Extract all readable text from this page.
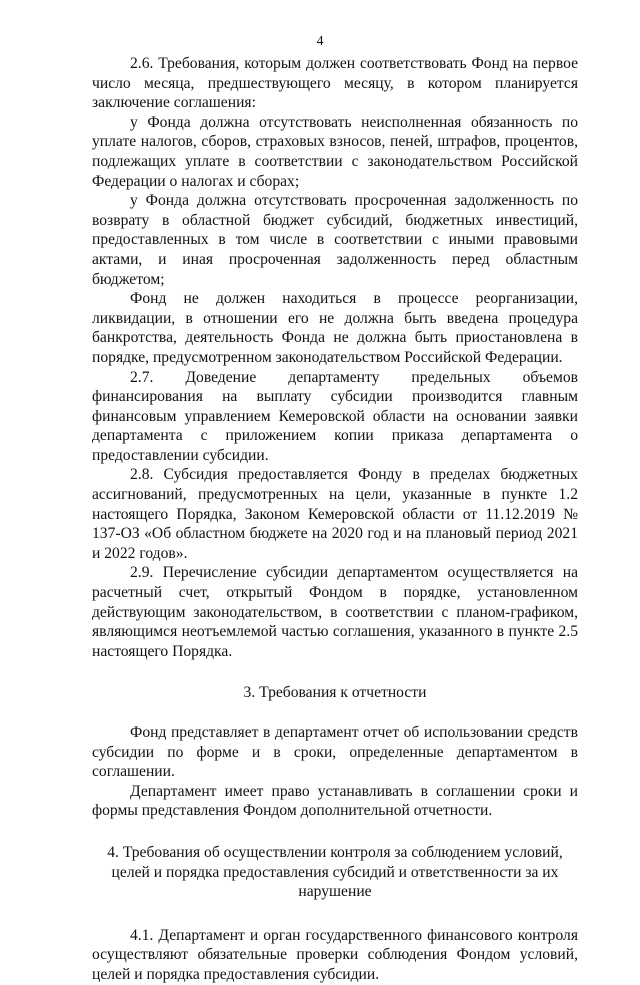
4

2.6. Требования, которым должен соответствовать Фонд на первое число месяца, предшествующего месяцу, в котором планируется заключение соглашения:

у Фонда должна отсутствовать неисполненная обязанность по уплате налогов, сборов, страховых взносов, пеней, штрафов, процентов, подлежащих уплате в соответствии с законодательством Российской Федерации о налогах и сборах;

у Фонда должна отсутствовать просроченная задолженность по возврату в областной бюджет субсидий, бюджетных инвестиций, предоставленных в том числе в соответствии с иными правовыми актами, и иная просроченная задолженность перед областным бюджетом;

Фонд не должен находиться в процессе реорганизации, ликвидации, в отношении его не должна быть введена процедура банкротства, деятельность Фонда не должна быть приостановлена в порядке, предусмотренном законодательством Российской Федерации.

2.7. Доведение департаменту предельных объемов финансирования на выплату субсидии производится главным финансовым управлением Кемеровской области на основании заявки департамента с приложением копии приказа департамента о предоставлении субсидии.

2.8. Субсидия предоставляется Фонду в пределах бюджетных ассигнований, предусмотренных на цели, указанные в пункте 1.2 настоящего Порядка, Законом Кемеровской области от 11.12.2019 № 137-ОЗ «Об областном бюджете на 2020 год и на плановый период 2021 и 2022 годов».

2.9. Перечисление субсидии департаментом осуществляется на расчетный счет, открытый Фондом в порядке, установленном действующим законодательством, в соответствии с планом-графиком, являющимся неотъемлемой частью соглашения, указанного в пункте 2.5 настоящего Порядка.

3. Требования к отчетности

Фонд представляет в департамент отчет об использовании средств субсидии по форме и в сроки, определенные департаментом в соглашении.

Департамент имеет право устанавливать в соглашении сроки и формы представления Фондом дополнительной отчетности.

4. Требования об осуществлении контроля за соблюдением условий, целей и порядка предоставления субсидий и ответственности за их нарушение

4.1. Департамент и орган государственного финансового контроля осуществляют обязательные проверки соблюдения Фондом условий, целей и порядка предоставления субсидии.
